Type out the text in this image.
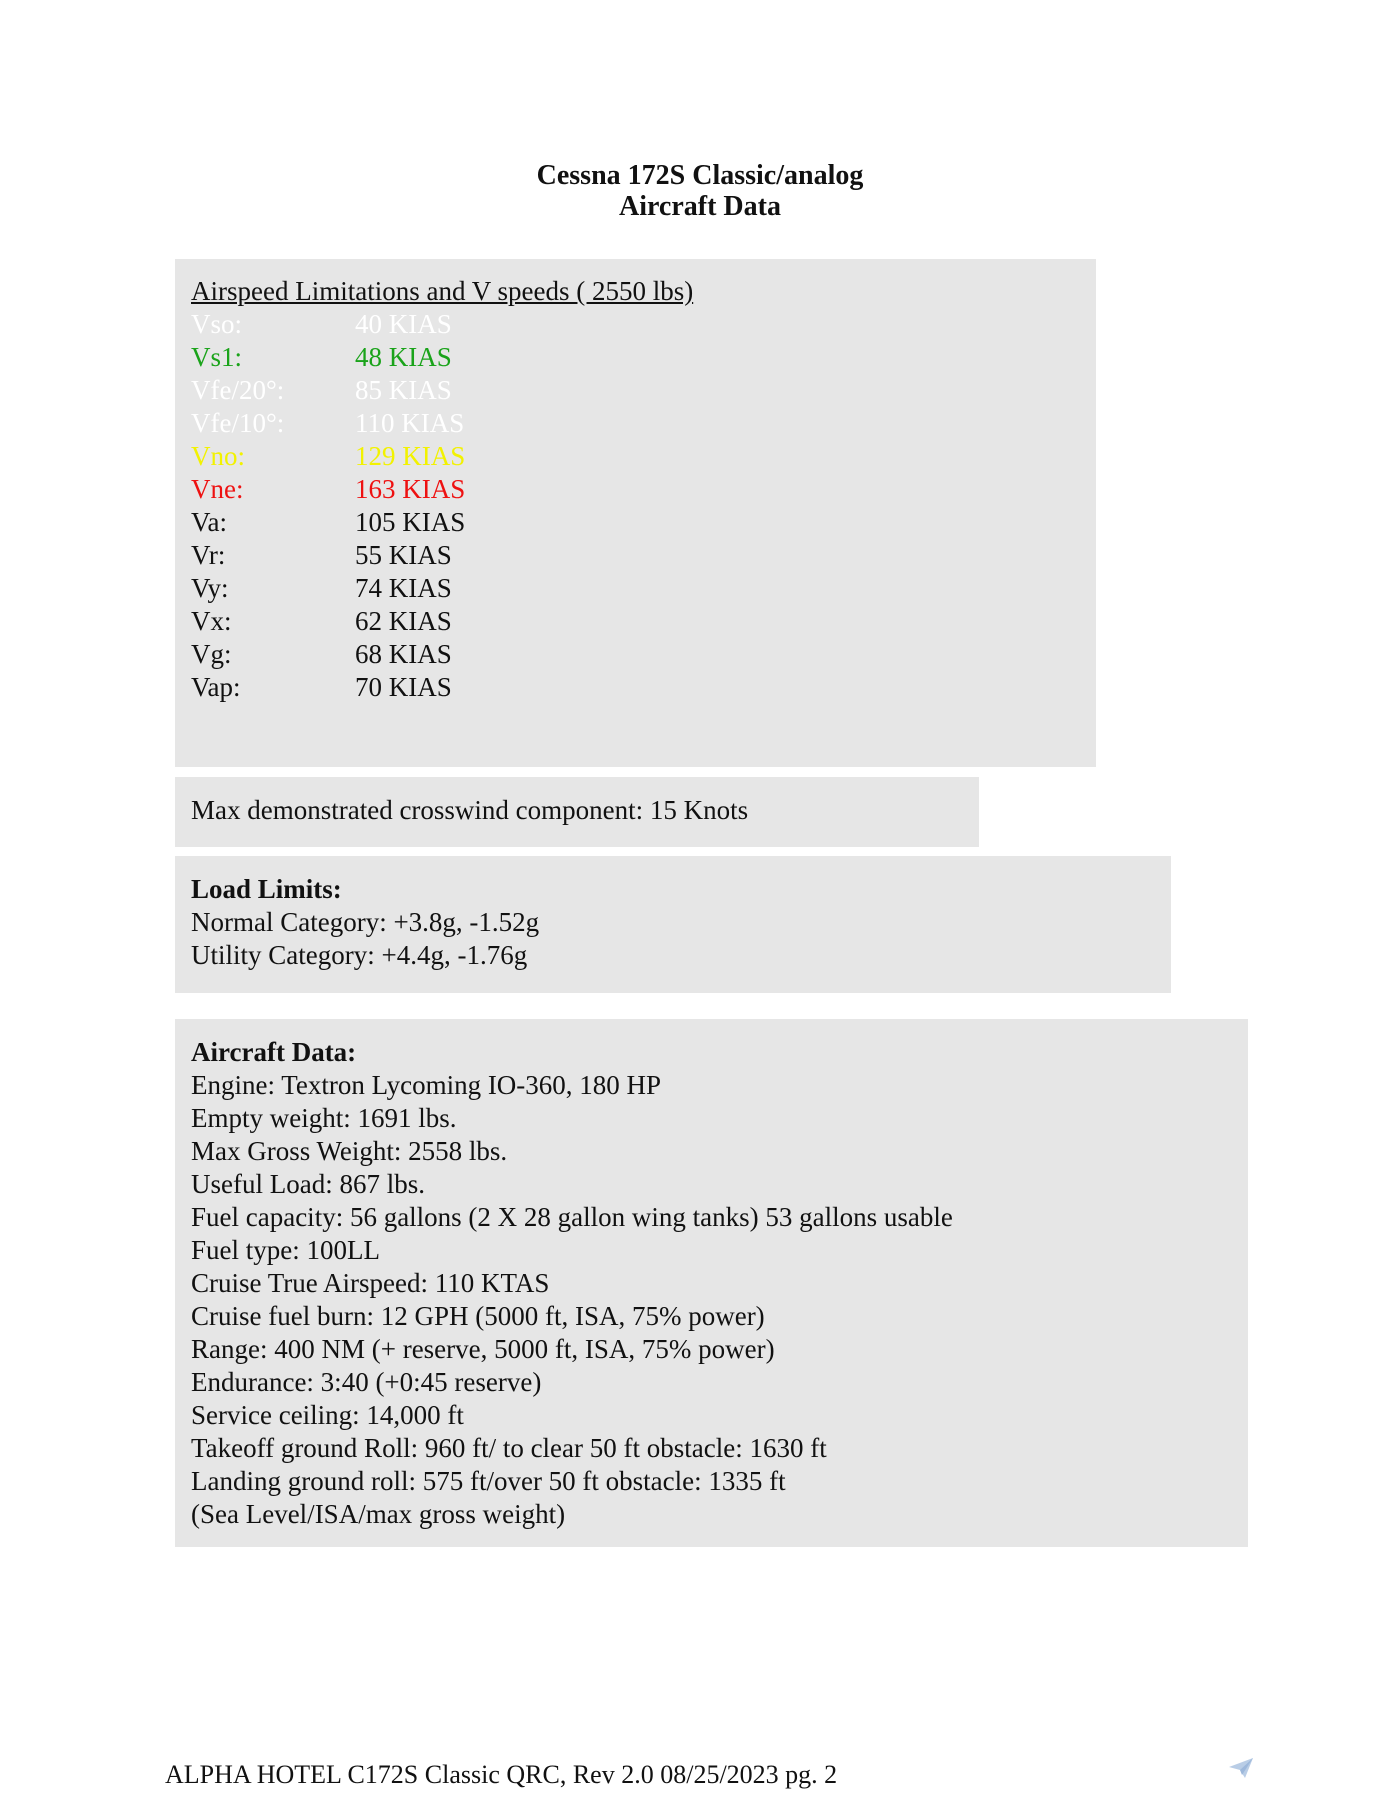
Cessna 172S Classic/analog
Aircraft Data
Airspeed Limitations and V speeds ( 2550 lbs)
Vso:	40 KIAS
Vs1:	48 KIAS
Vfe/20°:	85 KIAS
Vfe/10°:	110 KIAS
Vno:	129 KIAS
Vne:	163 KIAS
Va:	105 KIAS
Vr:	55 KIAS
Vy:	74 KIAS
Vx:	62 KIAS
Vg:	68 KIAS
Vap:	70 KIAS
Max demonstrated crosswind component: 15 Knots
Load Limits:
Normal Category: +3.8g, -1.52g
Utility Category: +4.4g, -1.76g
Aircraft Data:
Engine: Textron Lycoming IO-360, 180 HP
Empty weight: 1691 lbs.
Max Gross Weight: 2558 lbs.
Useful Load: 867 lbs.
Fuel capacity: 56 gallons (2 X 28 gallon wing tanks) 53 gallons usable
Fuel type: 100LL
Cruise True Airspeed: 110 KTAS
Cruise fuel burn: 12 GPH (5000 ft, ISA, 75% power)
Range: 400 NM (+ reserve, 5000 ft, ISA, 75% power)
Endurance: 3:40 (+0:45 reserve)
Service ceiling: 14,000 ft
Takeoff ground Roll: 960 ft/ to clear 50 ft obstacle: 1630 ft
Landing ground roll: 575 ft/over 50 ft obstacle: 1335 ft
(Sea Level/ISA/max gross weight)
ALPHA HOTEL C172S Classic QRC, Rev 2.0 08/25/2023 pg. 2
